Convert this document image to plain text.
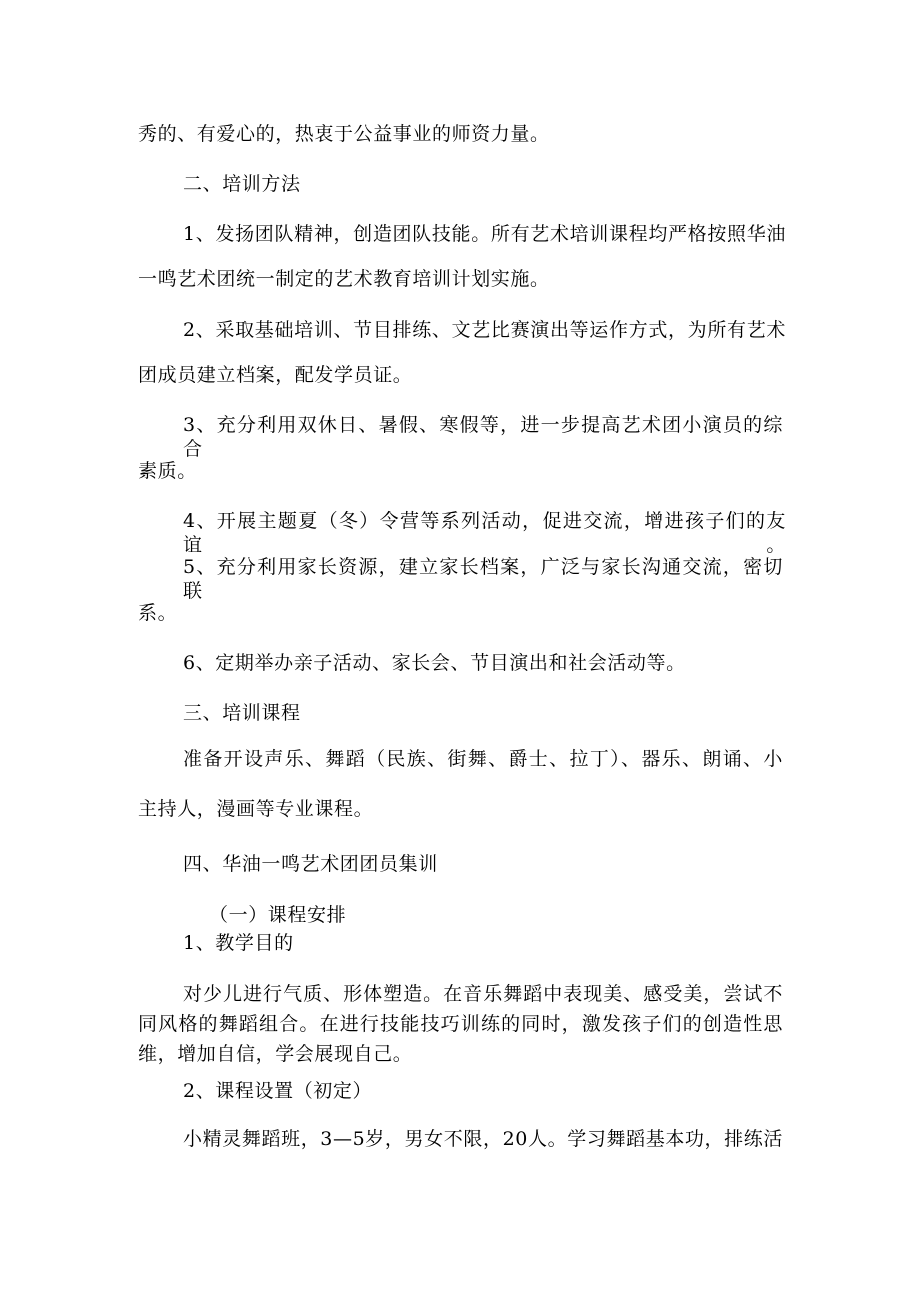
秀的、有爱心的，热衷于公益事业的师资力量。
二、培训方法
1、发扬团队精神，创造团队技能。所有艺术培训课程均严格按照华油
一鸣艺术团统一制定的艺术教育培训计划实施。
2、采取基础培训、节目排练、文艺比赛演出等运作方式，为所有艺术
团成员建立档案，配发学员证。
3、充分利用双休日、暑假、寒假等，进一步提高艺术团小演员的综合
素质。
4、开展主题夏（冬）令营等系列活动，促进交流，增进孩子们的友谊。
5、充分利用家长资源，建立家长档案，广泛与家长沟通交流，密切联
系。
6、定期举办亲子活动、家长会、节目演出和社会活动等。
三、培训课程
准备开设声乐、舞蹈（民族、街舞、爵士、拉丁）、器乐、朗诵、小
主持人，漫画等专业课程。
四、华油一鸣艺术团团员集训
（一）课程安排
1、教学目的
对少儿进行气质、形体塑造。在音乐舞蹈中表现美、感受美，尝试不
同风格的舞蹈组合。在进行技能技巧训练的同时，激发孩子们的创造性思
维，增加自信，学会展现自己。
2、课程设置（初定）
小精灵舞蹈班，3—5岁，男女不限，20人。学习舞蹈基本功，排练活
